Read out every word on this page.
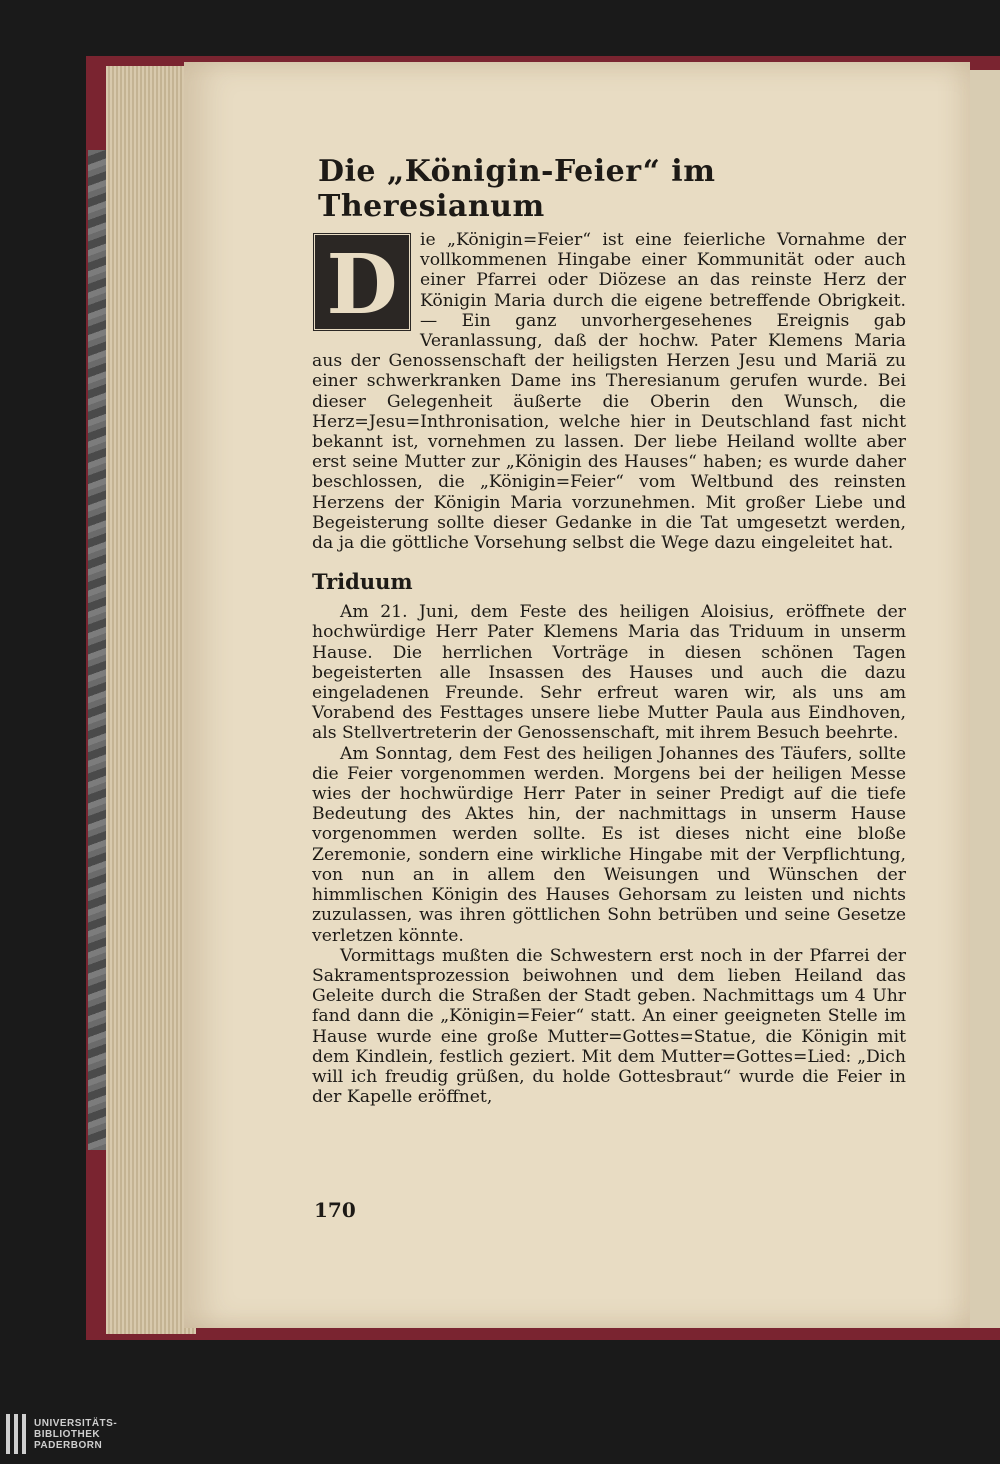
Die „Königin-Feier“ im Theresianum
D	ie „Königin=Feier“ ist eine feierliche Vornahme der vollkommenen Hingabe einer Kommunität oder auch einer Pfarrei oder Diözese an das reinste Herz der Königin Maria durch die eigene betreffende Obrigkeit. — Ein ganz unvorhergesehenes Ereignis gab Veranlassung, daß der hochw. Pater Klemens Maria aus der Genossenschaft der heiligsten Herzen Jesu und Mariä zu einer schwerkranken Dame ins Theresianum gerufen wurde. Bei dieser Gelegenheit äußerte die Oberin den Wunsch, die Herz=Jesu=Inthronisation, welche hier in Deutschland fast nicht bekannt ist, vornehmen zu lassen. Der liebe Heiland wollte aber erst seine Mutter zur „Königin des Hauses“ haben; es wurde daher beschlossen, die „Königin=Feier“ vom Weltbund des reinsten Herzens der Königin Maria vorzunehmen. Mit großer Liebe und Begeisterung sollte dieser Gedanke in die Tat umgesetzt werden, da ja die göttliche Vorsehung selbst die Wege dazu eingeleitet hat.

Triduum

Am 21. Juni, dem Feste des heiligen Aloisius, eröffnete der hochwürdige Herr Pater Klemens Maria das Triduum in unserm Hause. Die herrlichen Vorträge in diesen schönen Tagen begeisterten alle Insassen des Hauses und auch die dazu eingeladenen Freunde. Sehr erfreut waren wir, als uns am Vorabend des Festtages unsere liebe Mutter Paula aus Eindhoven, als Stellvertreterin der Genossenschaft, mit ihrem Besuch beehrte.

Am Sonntag, dem Fest des heiligen Johannes des Täufers, sollte die Feier vorgenommen werden. Morgens bei der heiligen Messe wies der hochwürdige Herr Pater in seiner Predigt auf die tiefe Bedeutung des Aktes hin, der nachmittags in unserm Hause vorgenommen werden sollte. Es ist dieses nicht eine bloße Zeremonie, sondern eine wirkliche Hingabe mit der Verpflichtung, von nun an in allem den Weisungen und Wünschen der himmlischen Königin des Hauses Gehorsam zu leisten und nichts zuzulassen, was ihren göttlichen Sohn betrüben und seine Gesetze verletzen könnte.

Vormittags mußten die Schwestern erst noch in der Pfarrei der Sakramentsprozession beiwohnen und dem lieben Heiland das Geleite durch die Straßen der Stadt geben. Nachmittags um 4 Uhr fand dann die „Königin=Feier“ statt. An einer geeigneten Stelle im Hause wurde eine große Mutter=Gottes=Statue, die Königin mit dem Kindlein, festlich geziert. Mit dem Mutter=Gottes=Lied: „Dich will ich freudig grüßen, du holde Gottesbraut“ wurde die Feier in der Kapelle eröffnet,

170
UNIVERSITÄTS-
BIBLIOTHEK
PADERBORN
